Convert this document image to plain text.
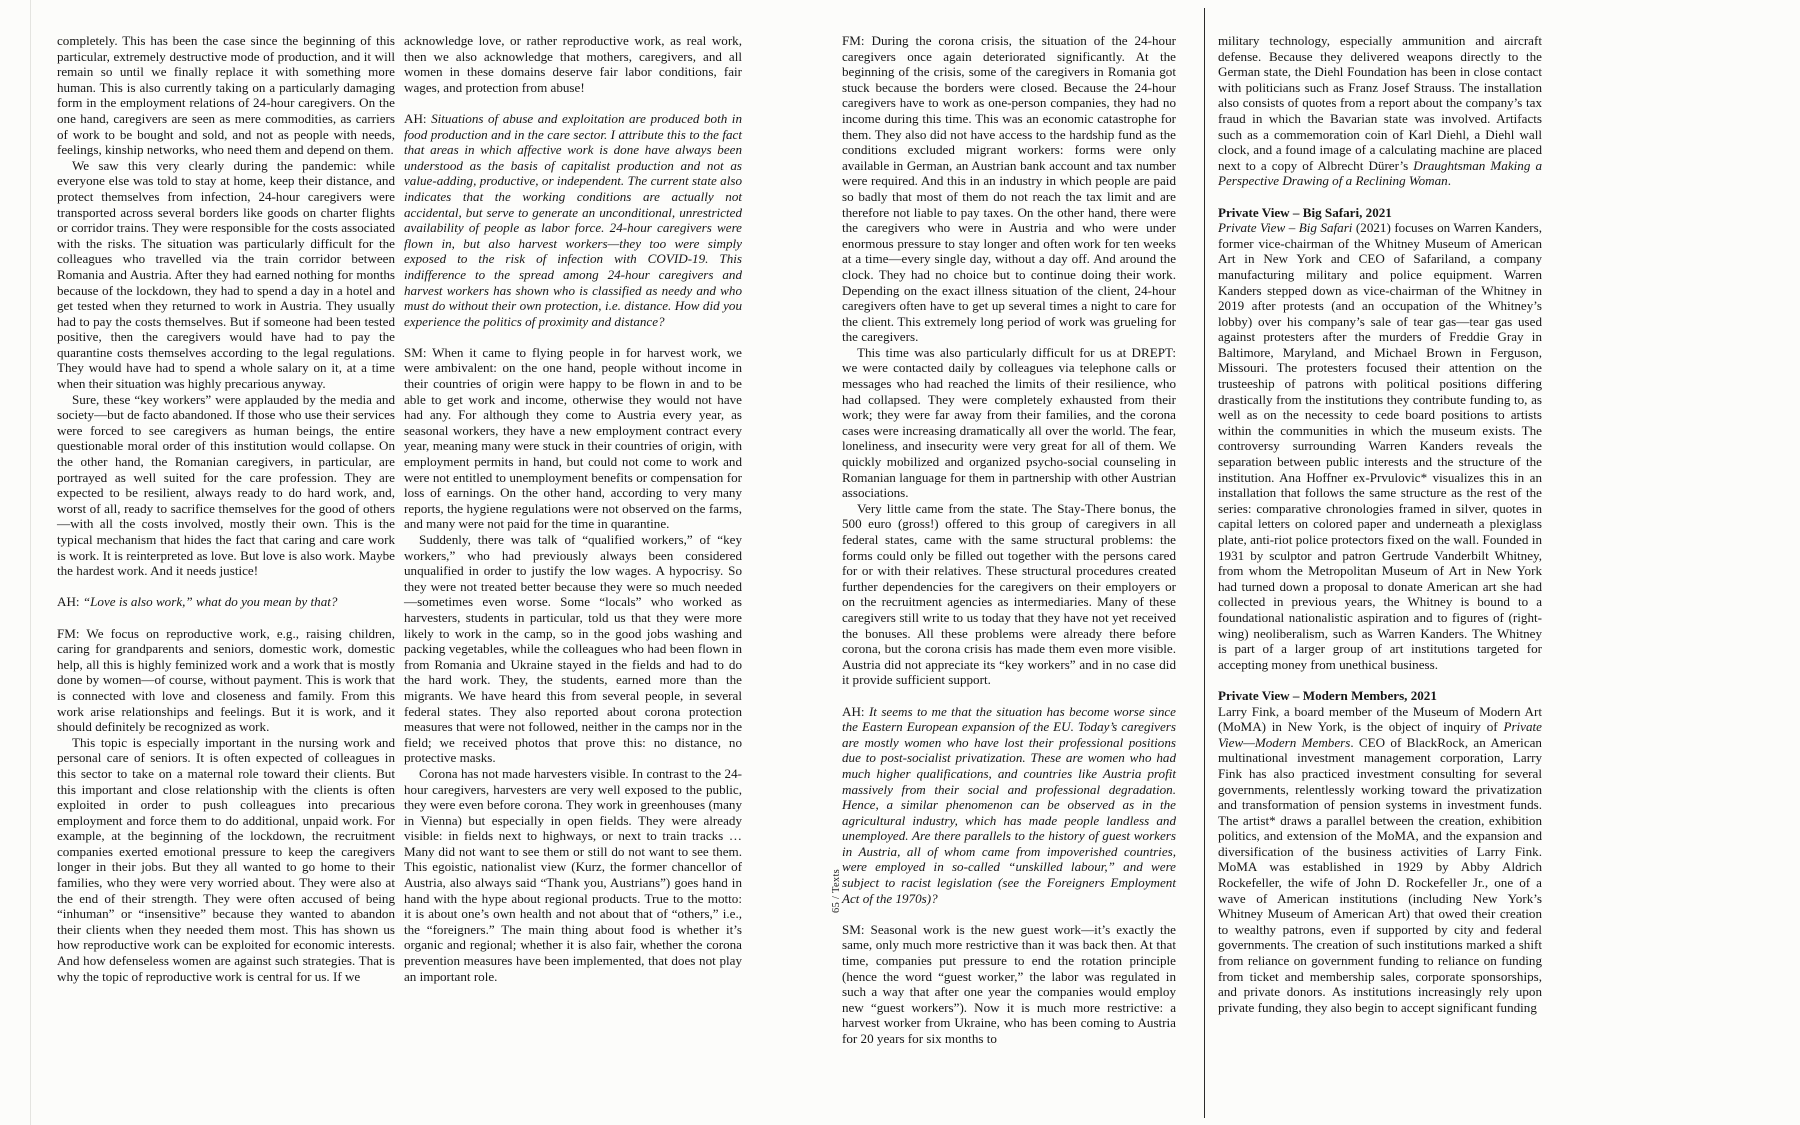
completely. This has been the case since the beginning of this particular, extremely destructive mode of production, and it will remain so until we finally replace it with something more human. This is also currently taking on a particularly damaging form in the employment relations of 24-hour caregivers. On the one hand, caregivers are seen as mere commodities, as carriers of work to be bought and sold, and not as people with needs, feelings, kinship networks, who need them and depend on them.

We saw this very clearly during the pandemic: while everyone else was told to stay at home, keep their distance, and protect themselves from infection, 24-hour caregivers were transported across several borders like goods on charter flights or corridor trains. They were responsible for the costs associated with the risks. The situation was particularly difficult for the colleagues who travelled via the train corridor between Romania and Austria. After they had earned nothing for months because of the lockdown, they had to spend a day in a hotel and get tested when they returned to work in Austria. They usually had to pay the costs themselves. But if someone had been tested positive, then the caregivers would have had to pay the quarantine costs themselves according to the legal regulations. They would have had to spend a whole salary on it, at a time when their situation was highly precarious anyway.

Sure, these “key workers” were applauded by the media and society—but de facto abandoned. If those who use their services were forced to see caregivers as human beings, the entire questionable moral order of this institution would collapse. On the other hand, the Romanian caregivers, in particular, are portrayed as well suited for the care profession. They are expected to be resilient, always ready to do hard work, and, worst of all, ready to sacrifice themselves for the good of others—with all the costs involved, mostly their own. This is the typical mechanism that hides the fact that caring and care work is work. It is reinterpreted as love. But love is also work. Maybe the hardest work. And it needs justice!

AH: “Love is also work,” what do you mean by that?

FM: We focus on reproductive work, e.g., raising children, caring for grandparents and seniors, domestic work, domestic help, all this is highly feminized work and a work that is mostly done by women—of course, without payment. This is work that is connected with love and closeness and family. From this work arise relationships and feelings. But it is work, and it should definitely be recognized as work.

This topic is especially important in the nursing work and personal care of seniors. It is often expected of colleagues in this sector to take on a maternal role toward their clients. But this important and close relationship with the clients is often exploited in order to push colleagues into precarious employment and force them to do additional, unpaid work. For example, at the beginning of the lockdown, the recruitment companies exerted emotional pressure to keep the caregivers longer in their jobs. But they all wanted to go home to their families, who they were very worried about. They were also at the end of their strength. They were often accused of being “inhuman” or “insensitive” because they wanted to abandon their clients when they needed them most. This has shown us how reproductive work can be exploited for economic interests. And how defenseless women are against such strategies. That is why the topic of reproductive work is central for us. If we

acknowledge love, or rather reproductive work, as real work, then we also acknowledge that mothers, caregivers, and all women in these domains deserve fair labor conditions, fair wages, and protection from abuse!

AH: Situations of abuse and exploitation are produced both in food production and in the care sector. I attribute this to the fact that areas in which affective work is done have always been understood as the basis of capitalist production and not as value-adding, productive, or independent. The current state also indicates that the working conditions are actually not accidental, but serve to generate an unconditional, unrestricted availability of people as labor force. 24-hour caregivers were flown in, but also harvest workers—they too were simply exposed to the risk of infection with COVID-19. This indifference to the spread among 24-hour caregivers and harvest workers has shown who is classified as needy and who must do without their own protection, i.e. distance. How did you experience the politics of proximity and distance?

SM: When it came to flying people in for harvest work, we were ambivalent: on the one hand, people without income in their countries of origin were happy to be flown in and to be able to get work and income, otherwise they would not have had any. For although they come to Austria every year, as seasonal workers, they have a new employment contract every year, meaning many were stuck in their countries of origin, with employment permits in hand, but could not come to work and were not entitled to unemployment benefits or compensation for loss of earnings. On the other hand, according to very many reports, the hygiene regulations were not observed on the farms, and many were not paid for the time in quarantine.

Suddenly, there was talk of “qualified workers,” of “key workers,” who had previously always been considered unqualified in order to justify the low wages. A hypocrisy. So they were not treated better because they were so much needed—sometimes even worse. Some “locals” who worked as harvesters, students in particular, told us that they were more likely to work in the camp, so in the good jobs washing and packing vegetables, while the colleagues who had been flown in from Romania and Ukraine stayed in the fields and had to do the hard work. They, the students, earned more than the migrants. We have heard this from several people, in several federal states. They also reported about corona protection measures that were not followed, neither in the camps nor in the field; we received photos that prove this: no distance, no protective masks.

Corona has not made harvesters visible. In contrast to the 24-hour caregivers, harvesters are very well exposed to the public, they were even before corona. They work in greenhouses (many in Vienna) but especially in open fields. They were already visible: in fields next to highways, or next to train tracks … Many did not want to see them or still do not want to see them. This egoistic, nationalist view (Kurz, the former chancellor of Austria, also always said “Thank you, Austrians”) goes hand in hand with the hype about regional products. True to the motto: it is about one’s own health and not about that of “others,” i.e., the “foreigners.” The main thing about food is whether it’s organic and regional; whether it is also fair, whether the corona prevention measures have been implemented, that does not play an important role.

65 / Texts

FM: During the corona crisis, the situation of the 24-hour caregivers once again deteriorated significantly. At the beginning of the crisis, some of the caregivers in Romania got stuck because the borders were closed. Because the 24-hour caregivers have to work as one-person companies, they had no income during this time. This was an economic catastrophe for them. They also did not have access to the hardship fund as the conditions excluded migrant workers: forms were only available in German, an Austrian bank account and tax number were required. And this in an industry in which people are paid so badly that most of them do not reach the tax limit and are therefore not liable to pay taxes. On the other hand, there were the caregivers who were in Austria and who were under enormous pressure to stay longer and often work for ten weeks at a time—every single day, without a day off. And around the clock. They had no choice but to continue doing their work. Depending on the exact illness situation of the client, 24-hour caregivers often have to get up several times a night to care for the client. This extremely long period of work was grueling for the caregivers.

This time was also particularly difficult for us at DREPT: we were contacted daily by colleagues via telephone calls or messages who had reached the limits of their resilience, who had collapsed. They were completely exhausted from their work; they were far away from their families, and the corona cases were increasing dramatically all over the world. The fear, loneliness, and insecurity were very great for all of them. We quickly mobilized and organized psycho-social counseling in Romanian language for them in partnership with other Austrian associations.

Very little came from the state. The Stay-There bonus, the 500 euro (gross!) offered to this group of caregivers in all federal states, came with the same structural problems: the forms could only be filled out together with the persons cared for or with their relatives. These structural procedures created further dependencies for the caregivers on their employers or on the recruitment agencies as intermediaries. Many of these caregivers still write to us today that they have not yet received the bonuses. All these problems were already there before corona, but the corona crisis has made them even more visible. Austria did not appreciate its “key workers” and in no case did it provide sufficient support.

AH: It seems to me that the situation has become worse since the Eastern European expansion of the EU. Today’s caregivers are mostly women who have lost their professional positions due to post-socialist privatization. These are women who had much higher qualifications, and countries like Austria profit massively from their social and professional degradation. Hence, a similar phenomenon can be observed as in the agricultural industry, which has made people landless and unemployed. Are there parallels to the history of guest workers in Austria, all of whom came from impoverished countries, were employed in so-called “unskilled labour,” and were subject to racist legislation (see the Foreigners Employment Act of the 1970s)?

SM: Seasonal work is the new guest work—it’s exactly the same, only much more restrictive than it was back then. At that time, companies put pressure to end the rotation principle (hence the word “guest worker,” the labor was regulated in such a way that after one year the companies would employ new “guest workers”). Now it is much more restrictive: a harvest worker from Ukraine, who has been coming to Austria for 20 years for six months to

military technology, especially ammunition and aircraft defense. Because they delivered weapons directly to the German state, the Diehl Foundation has been in close contact with politicians such as Franz Josef Strauss. The installation also consists of quotes from a report about the company’s tax fraud in which the Bavarian state was involved. Artifacts such as a commemoration coin of Karl Diehl, a Diehl wall clock, and a found image of a calculating machine are placed next to a copy of Albrecht Dürer’s Draughtsman Making a Perspective Drawing of a Reclining Woman.

Private View – Big Safari, 2021

Private View – Big Safari (2021) focuses on Warren Kanders, former vice-chairman of the Whitney Museum of American Art in New York and CEO of Safariland, a company manufacturing military and police equipment. Warren Kanders stepped down as vice-chairman of the Whitney in 2019 after protests (and an occupation of the Whitney’s lobby) over his company’s sale of tear gas—tear gas used against protesters after the murders of Freddie Gray in Baltimore, Maryland, and Michael Brown in Ferguson, Missouri. The protesters focused their attention on the trusteeship of patrons with political positions differing drastically from the institutions they contribute funding to, as well as on the necessity to cede board positions to artists within the communities in which the museum exists. The controversy surrounding Warren Kanders reveals the separation between public interests and the structure of the institution. Ana Hoffner ex-Prvulovic* visualizes this in an installation that follows the same structure as the rest of the series: comparative chronologies framed in silver, quotes in capital letters on colored paper and underneath a plexiglass plate, anti-riot police protectors fixed on the wall. Founded in 1931 by sculptor and patron Gertrude Vanderbilt Whitney, from whom the Metropolitan Museum of Art in New York had turned down a proposal to donate American art she had collected in previous years, the Whitney is bound to a foundational nationalistic aspiration and to figures of (right-wing) neoliberalism, such as Warren Kanders. The Whitney is part of a larger group of art institutions targeted for accepting money from unethical business.

Private View – Modern Members, 2021

Larry Fink, a board member of the Museum of Modern Art (MoMA) in New York, is the object of inquiry of Private View—Modern Members. CEO of BlackRock, an American multinational investment management corporation, Larry Fink has also practiced investment consulting for several governments, relentlessly working toward the privatization and transformation of pension systems in investment funds. The artist* draws a parallel between the creation, exhibition politics, and extension of the MoMA, and the expansion and diversification of the business activities of Larry Fink. MoMA was established in 1929 by Abby Aldrich Rockefeller, the wife of John D. Rockefeller Jr., one of a wave of American institutions (including New York’s Whitney Museum of American Art) that owed their creation to wealthy patrons, even if supported by city and federal governments. The creation of such institutions marked a shift from reliance on government funding to reliance on funding from ticket and membership sales, corporate sponsorships, and private donors. As institutions increasingly rely upon private funding, they also begin to accept significant funding
